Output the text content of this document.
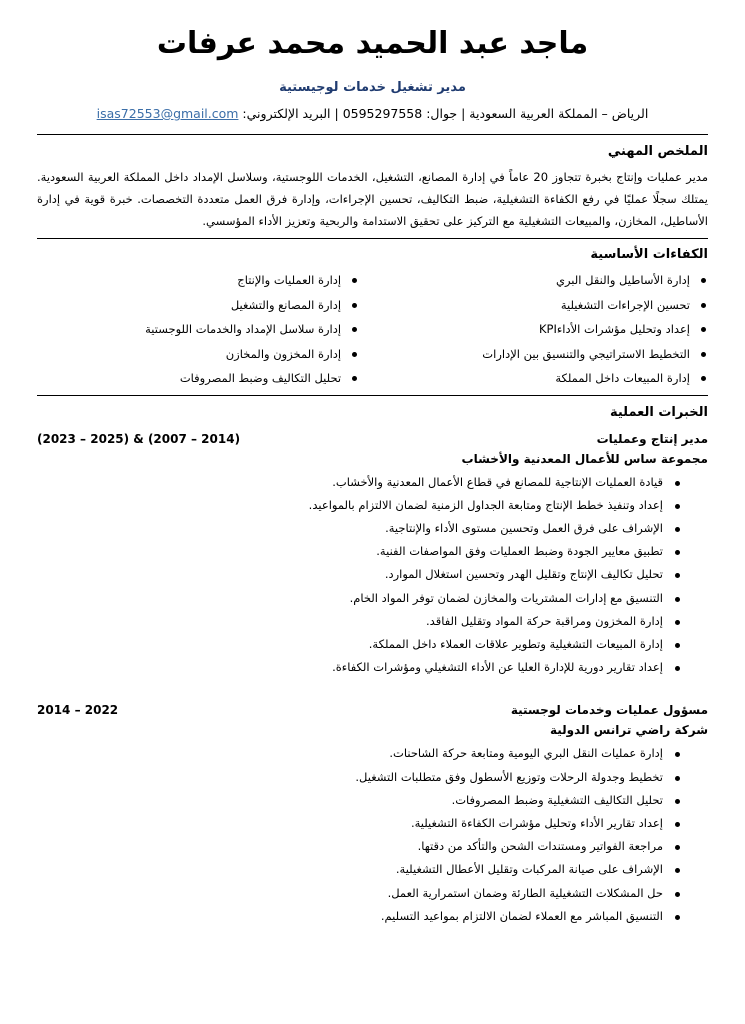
ماجد عبد الحميد محمد عرفات
مدير تشغيل خدمات لوجيستية
الرياض – المملكة العربية السعودية | جوال: 0595297558 | البريد الإلكتروني: isas72553@gmail.com
الملخص المهني

مدير عمليات وإنتاج بخبرة تتجاوز 20 عاماً في إدارة المصانع، التشغيل، الخدمات اللوجستية، وسلاسل الإمداد داخل المملكة العربية السعودية. يمتلك سجلًا عمليًا في رفع الكفاءة التشغيلية، ضبط التكاليف، تحسين الإجراءات، وإدارة فرق العمل متعددة التخصصات. خبرة قوية في إدارة الأساطيل، المخازن، والمبيعات التشغيلية مع التركيز على تحقيق الاستدامة والربحية وتعزيز الأداء المؤسسي.

الكفاءات الأساسية
إدارة الأساطيل والنقل البري
تحسين الإجراءات التشغيلية
إعداد وتحليل مؤشرات الأداءKPI
التخطيط الاستراتيجي والتنسيق بين الإدارات
إدارة المبيعات داخل المملكة
إدارة العمليات والإنتاج
إدارة المصانع والتشغيل
إدارة سلاسل الإمداد والخدمات اللوجستية
إدارة المخزون والمخازن
تحليل التكاليف وضبط المصروفات
الخبرات العملية
مدير إنتاج وعمليات
(2023 – 2025) & (2007 – 2014)
مجموعة ساس للأعمال المعدنية والأخشاب
قيادة العمليات الإنتاجية للمصانع في قطاع الأعمال المعدنية والأخشاب.
إعداد وتنفيذ خطط الإنتاج ومتابعة الجداول الزمنية لضمان الالتزام بالمواعيد.
الإشراف على فرق العمل وتحسين مستوى الأداء والإنتاجية.
تطبيق معايير الجودة وضبط العمليات وفق المواصفات الفنية.
تحليل تكاليف الإنتاج وتقليل الهدر وتحسين استغلال الموارد.
التنسيق مع إدارات المشتريات والمخازن لضمان توفر المواد الخام.
إدارة المخزون ومراقبة حركة المواد وتقليل الفاقد.
إدارة المبيعات التشغيلية وتطوير علاقات العملاء داخل المملكة.
إعداد تقارير دورية للإدارة العليا عن الأداء التشغيلي ومؤشرات الكفاءة.
مسؤول عمليات وخدمات لوجستية
2014 – 2022
شركة راضي ترانس الدولية
إدارة عمليات النقل البري اليومية ومتابعة حركة الشاحنات.
تخطيط وجدولة الرحلات وتوزيع الأسطول وفق متطلبات التشغيل.
تحليل التكاليف التشغيلية وضبط المصروفات.
إعداد تقارير الأداء وتحليل مؤشرات الكفاءة التشغيلية.
مراجعة الفواتير ومستندات الشحن والتأكد من دقتها.
الإشراف على صيانة المركبات وتقليل الأعطال التشغيلية.
حل المشكلات التشغيلية الطارئة وضمان استمرارية العمل.
التنسيق المباشر مع العملاء لضمان الالتزام بمواعيد التسليم.
